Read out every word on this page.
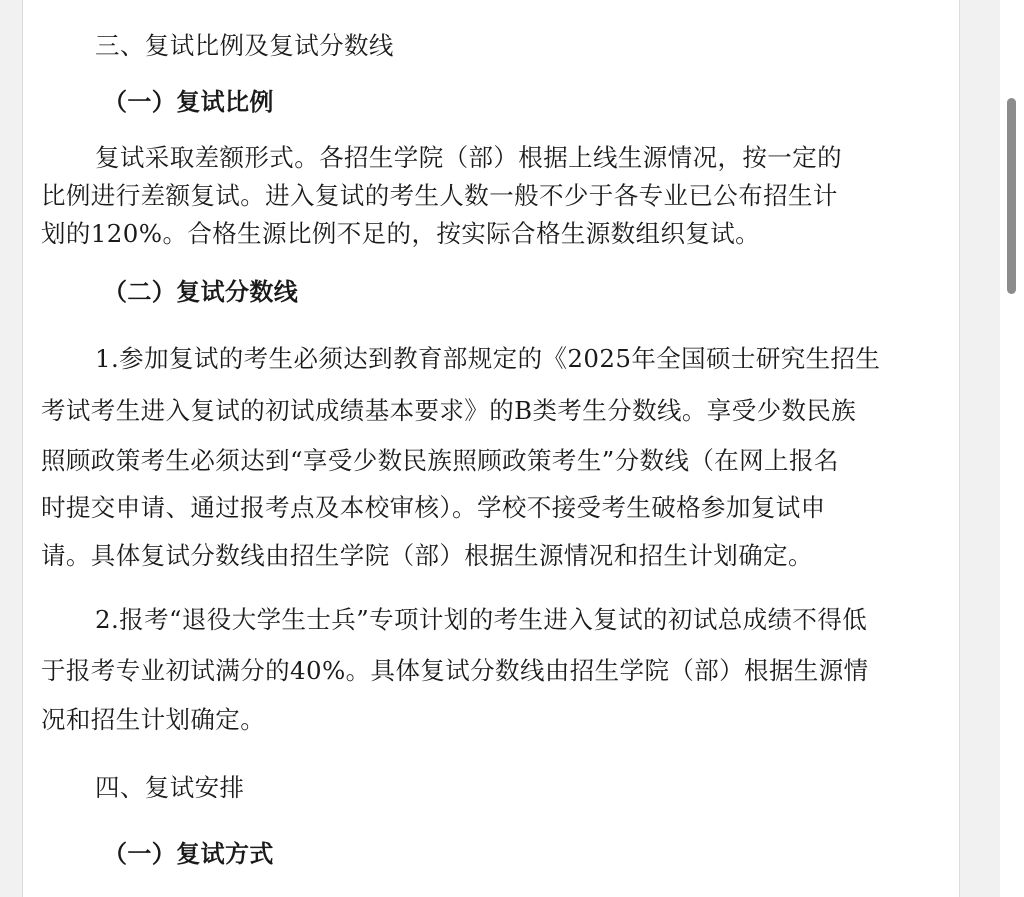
三、复试比例及复试分数线
（一）复试比例
复试采取差额形式。各招生学院（部）根据上线生源情况，按一定的
比例进行差额复试。进入复试的考生人数一般不少于各专业已公布招生计
划的120%。合格生源比例不足的，按实际合格生源数组织复试。
（二）复试分数线
1.参加复试的考生必须达到教育部规定的《2025年全国硕士研究生招生
考试考生进入复试的初试成绩基本要求》的B类考生分数线。享受少数民族
照顾政策考生必须达到“享受少数民族照顾政策考生”分数线（在网上报名
时提交申请、通过报考点及本校审核）。学校不接受考生破格参加复试申
请。具体复试分数线由招生学院（部）根据生源情况和招生计划确定。
2.报考“退役大学生士兵”专项计划的考生进入复试的初试总成绩不得低
于报考专业初试满分的40%。具体复试分数线由招生学院（部）根据生源情
况和招生计划确定。
四、复试安排
（一）复试方式
